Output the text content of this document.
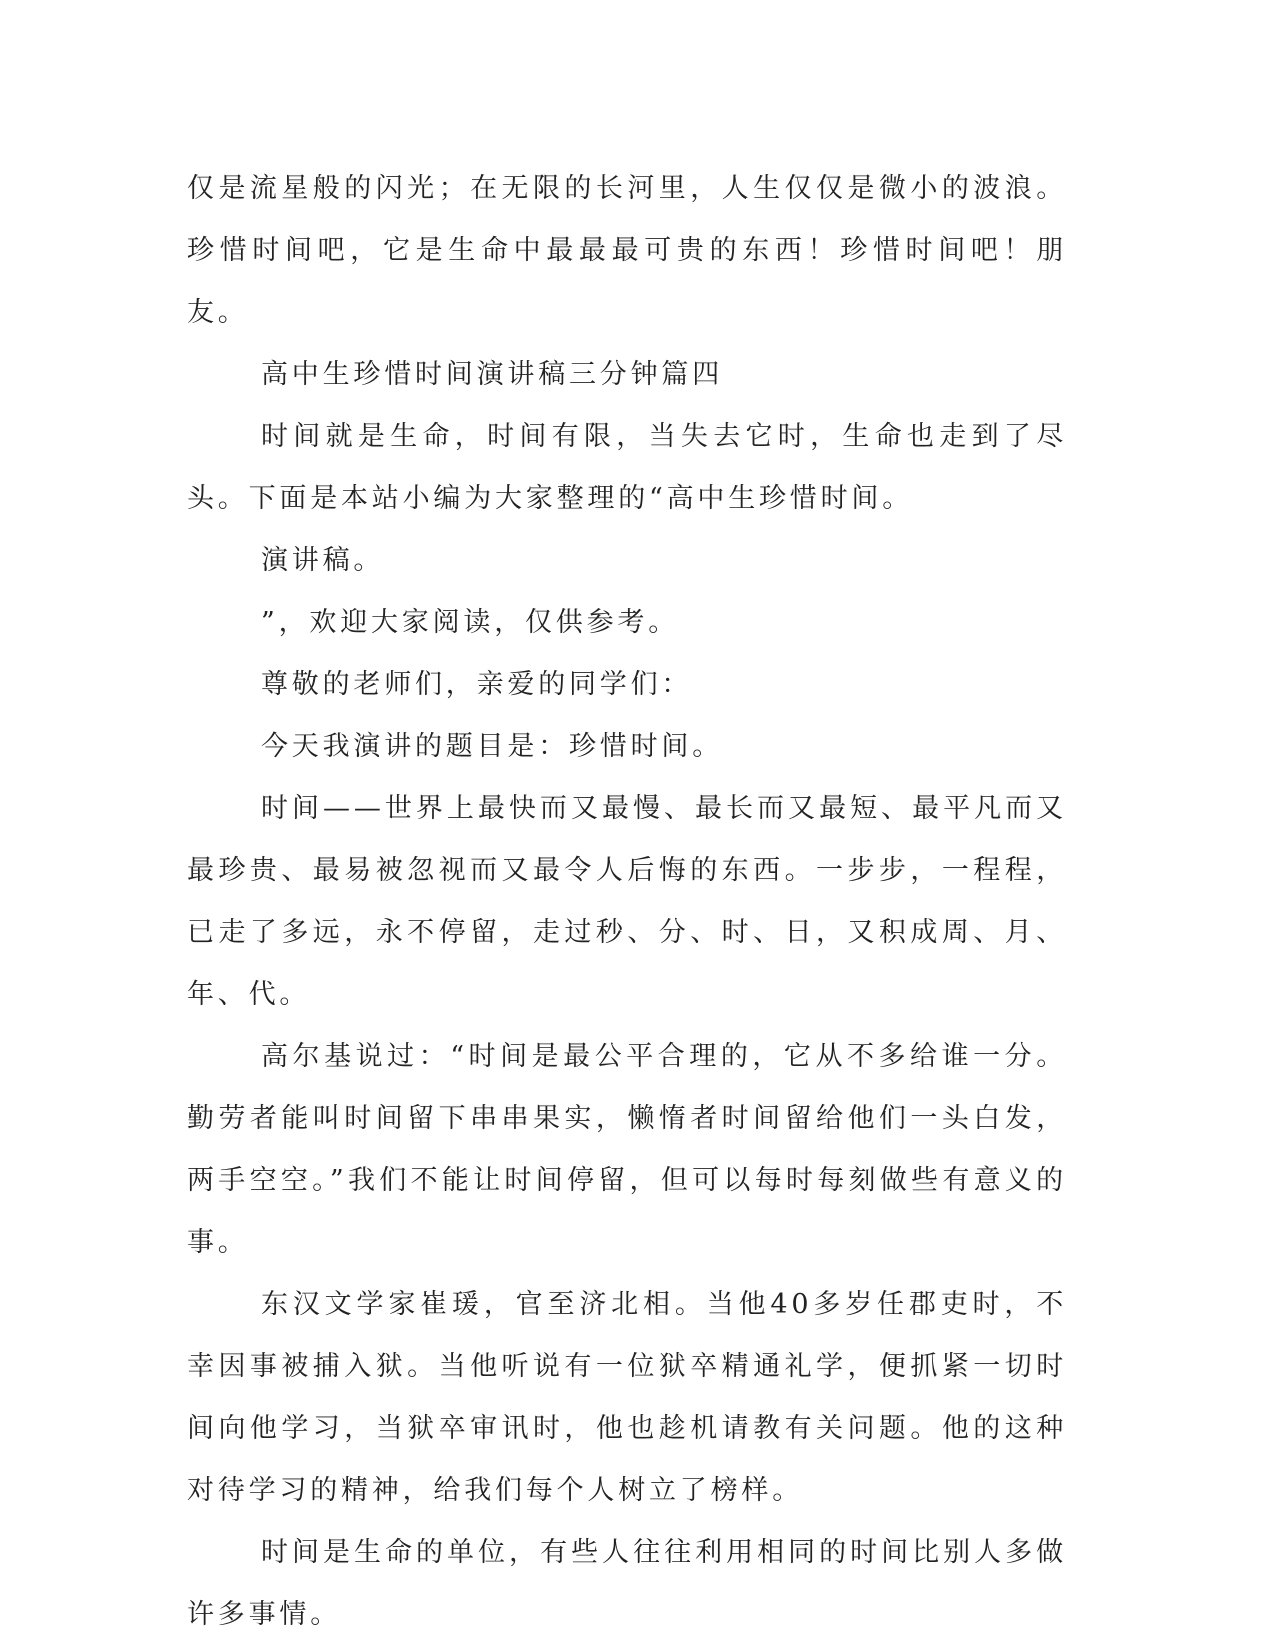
仅是流星般的闪光；在无限的长河里，人生仅仅是微小的波浪。珍惜时间吧，它是生命中最最最可贵的东西！珍惜时间吧！朋友。

高中生珍惜时间演讲稿三分钟篇四

时间就是生命，时间有限，当失去它时，生命也走到了尽头。下面是本站小编为大家整理的“高中生珍惜时间。

演讲稿。

”，欢迎大家阅读，仅供参考。

尊敬的老师们，亲爱的同学们：

今天我演讲的题目是：珍惜时间。

时间——世界上最快而又最慢、最长而又最短、最平凡而又最珍贵、最易被忽视而又最令人后悔的东西。一步步，一程程，已走了多远，永不停留，走过秒、分、时、日，又积成周、月、年、代。

高尔基说过：“时间是最公平合理的，它从不多给谁一分。勤劳者能叫时间留下串串果实，懒惰者时间留给他们一头白发，两手空空。”我们不能让时间停留，但可以每时每刻做些有意义的事。

东汉文学家崔瑗，官至济北相。当他40多岁任郡吏时，不幸因事被捕入狱。当他听说有一位狱卒精通礼学，便抓紧一切时间向他学习，当狱卒审讯时，他也趁机请教有关问题。他的这种对待学习的精神，给我们每个人树立了榜样。

时间是生命的单位，有些人往往利用相同的时间比别人多做许多事情。
